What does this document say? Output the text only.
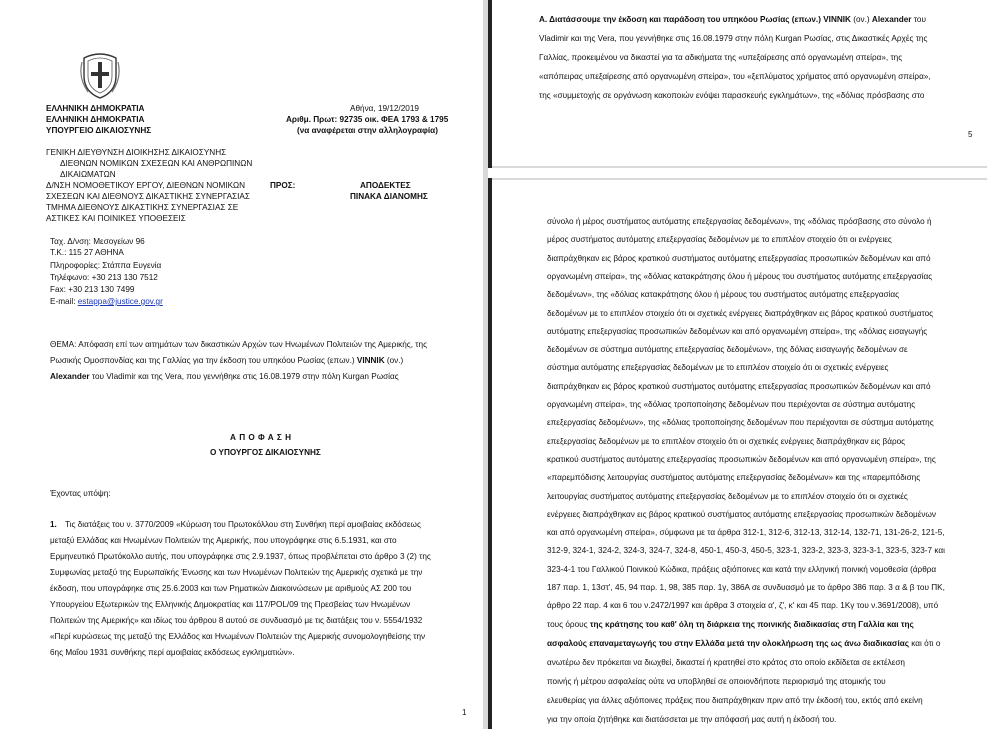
ΕΛΛΗΝΙΚΗ ΔΗΜΟΚΡΑΤΙΑ
ΕΛΛΗΝΙΚΗ ΔΗΜΟΚΡΑΤΙΑ
ΥΠΟΥΡΓΕΙΟ ΔΙΚΑΙΟΣΥΝΗΣ
Αθήνα, 19/12/2019
Αριθμ. Πρωτ: 92735 οικ. ΦΕΑ 1793 & 1795
(να αναφέρεται στην αλληλογραφία)
ΓΕΝΙΚΗ ΔΙΕΥΘΥΝΣΗ ΔΙΟΙΚΗΣΗΣ ΔΙΚΑΙΟΣΥΝΗΣ
ΔΙΕΘΝΩΝ ΝΟΜΙΚΩΝ ΣΧΕΣΕΩΝ ΚΑΙ ΑΝΘΡΩΠΙΝΩΝ
ΔΙΚΑΙΩΜΑΤΩΝ
Δ/ΝΣΗ ΝΟΜΟΘΕΤΙΚΟΥ ΕΡΓΟΥ, ΔΙΕΘΝΩΝ ΝΟΜΙΚΩΝ
ΣΧΕΣΕΩΝ ΚΑΙ ΔΙΕΘΝΟΥΣ ΔΙΚΑΣΤΙΚΗΣ ΣΥΝΕΡΓΑΣΙΑΣ
ΤΜΗΜΑ ΔΙΕΘΝΟΥΣ ΔΙΚΑΣΤΙΚΗΣ ΣΥΝΕΡΓΑΣΙΑΣ ΣΕ
ΑΣΤΙΚΕΣ ΚΑΙ ΠΟΙΝΙΚΕΣ ΥΠΟΘΕΣΕΙΣ
ΠΡΟΣ:	ΑΠΟΔΕΚΤΕΣ
ΠΙΝΑΚΑ ΔΙΑΝΟΜΗΣ
Ταχ. Δ/νση: Μεσογείων 96
Τ.Κ.: 115 27 ΑΘΗΝΑ
Πληροφορίες: Στάππα Ευγενία
Τηλέφωνο: +30 213 130 7512
Fax: +30 213 130 7499
E-mail: estappa@justice.gov.gr
ΘΕΜΑ: Απόφαση επί των αιτημάτων των δικαστικών Αρχών των Ηνωμένων Πολιτειών της Αμερικής, της
Ρωσικής Ομοσπονδίας και της Γαλλίας για την έκδοση του υπηκόου Ρωσίας (επων.) VINNIK (ον.)
Alexander του Vladimir και της Vera, που γεννήθηκε στις 16.08.1979 στην πόλη Kurgan Ρωσίας
Α Π Ο Φ Α Σ Η
Ο ΥΠΟΥΡΓΟΣ ΔΙΚΑΙΟΣΥΝΗΣ
Έχοντας υπόψη:
1. Τις διατάξεις του ν. 3770/2009 «Κύρωση του Πρωτοκόλλου στη Συνθήκη περί αμοιβαίας εκδόσεως
μεταξύ Ελλάδας και Ηνωμένων Πολιτειών της Αμερικής, που υπογράφηκε στις 6.5.1931, και στο
Ερμηνευτικό Πρωτόκολλο αυτής, που υπογράφηκε στις 2.9.1937, όπως προβλέπεται στο άρθρο 3 (2) της
Συμφωνίας μεταξύ της Ευρωπαϊκής Ένωσης και των Ηνωμένων Πολιτειών της Αμερικής σχετικά με την
έκδοση, που υπογράφηκε στις 25.6.2003 και των Ρηματικών Διακοινώσεων με αριθμούς ΑΣ 200 του
Υπουργείου Εξωτερικών της Ελληνικής Δημοκρατίας και 117/POL/09 της Πρεσβείας των Ηνωμένων
Πολιτειών της Αμερικής» και ιδίως του άρθρου 8 αυτού σε συνδυασμό με τις διατάξεις του ν. 5554/1932
«Περί κυρώσεως της μεταξύ της Ελλάδος και Ηνωμένων Πολιτειών της Αμερικής συνομολογηθείσης την
6ης Μαΐου 1931 συνθήκης περί αμοιβαίας εκδόσεως εγκληματιών».
1
Α. Διατάσσουμε την έκδοση και παράδοση του υπηκόου Ρωσίας (επων.) VINNIK (ον.) Alexander του
Vladimir και της Vera, που γεννήθηκε στις 16.08.1979 στην πόλη Kurgan Ρωσίας, στις Δικαστικές Αρχές της
Γαλλίας, προκειμένου να δικαστεί για τα αδικήματα της «υπεξαίρεσης από οργανωμένη σπείρα», της
«απόπειρας υπεξαίρεσης από οργανωμένη σπείρα», του «ξεπλύματος χρήματος από οργανωμένη σπείρα»,
της «συμμετοχής σε οργάνωση κακοποιών ενόψει παρασκευής εγκλημάτων», της «δόλιας πρόσβασης στο
5
σύνολο ή μέρος συστήματος αυτόματης επεξεργασίας δεδομένων», της «δόλιας πρόσβασης στο σύνολο ή
μέρος συστήματος αυτόματης επεξεργασίας δεδομένων με το επιπλέον στοιχείο ότι οι ενέργειες
διαπράχθηκαν εις βάρος κρατικού συστήματος αυτόματης επεξεργασίας προσωπικών δεδομένων και από
οργανωμένη σπείρα», της «δόλιας κατακράτησης όλου ή μέρους του συστήματος αυτόματης επεξεργασίας
δεδομένων», της «δόλιας κατακράτησης όλου ή μέρους του συστήματος αυτόματης επεξεργασίας
δεδομένων με το επιπλέον στοιχείο ότι οι σχετικές ενέργειες διαπράχθηκαν εις βάρος κρατικού συστήματος
αυτόματης επεξεργασίας προσωπικών δεδομένων και από οργανωμένη σπείρα», της «δόλιας εισαγωγής
δεδομένων σε σύστημα αυτόματης επεξεργασίας δεδομένων», της δόλιας εισαγωγής δεδομένων σε
σύστημα αυτόματης επεξεργασίας δεδομένων με το επιπλέον στοιχείο ότι οι σχετικές ενέργειες
διαπράχθηκαν εις βάρος κρατικού συστήματος αυτόματης επεξεργασίας προσωπικών δεδομένων και από
οργανωμένη σπείρα», της «δόλιας τροποποίησης δεδομένων που περιέχονται σε σύστημα αυτόματης
επεξεργασίας δεδομένων», της «δόλιας τροποποίησης δεδομένων που περιέχονται σε σύστημα αυτόματης
επεξεργασίας δεδομένων με το επιπλέον στοιχείο ότι οι σχετικές ενέργειες διαπράχθηκαν εις βάρος
κρατικού συστήματος αυτόματης επεξεργασίας προσωπικών δεδομένων και από οργανωμένη σπείρα», της
«παρεμπόδισης λειτουργίας συστήματος αυτόματης επεξεργασίας δεδομένων» και της «παρεμπόδισης
λειτουργίας συστήματος αυτόματης επεξεργασίας δεδομένων με το επιπλέον στοιχείο ότι οι σχετικές
ενέργειες διαπράχθηκαν εις βάρος κρατικού συστήματος αυτόματης επεξεργασίας προσωπικών δεδομένων
και από οργανωμένη σπείρα», σύμφωνα με τα άρθρα 312-1, 312-6, 312-13, 312-14, 132-71, 131-26-2, 121-5,
312-9, 324-1, 324-2, 324-3, 324-7, 324-8, 450-1, 450-3, 450-5, 323-1, 323-2, 323-3, 323-3-1, 323-5, 323-7 και
323-4-1 του Γαλλικού Ποινικού Κώδικα, πράξεις αξιόποινες και κατά την ελληνική ποινική νομοθεσία (άρθρα
187 παρ. 1, 13στ', 45, 94 παρ. 1, 98, 385 παρ. 1γ, 386Α σε συνδυασμό με το άρθρο 386 παρ. 3 α & β του ΠΚ,
άρθρο 22 παρ. 4 και 6 του ν.2472/1997 και άρθρα 3 στοιχεία α', ζ', κ' και 45 παρ. 1Κγ του ν.3691/2008), υπό
τους όρους της κράτησης του καθ' όλη τη διάρκεια της ποινικής διαδικασίας στη Γαλλία και της
ασφαλούς επαναμεταγωγής του στην Ελλάδα μετά την ολοκλήρωση της ως άνω διαδικασίας και ότι ο
ανωτέρω δεν πρόκειται να διωχθεί, δικαστεί ή κρατηθεί στο κράτος στο οποίο εκδίδεται σε εκτέλεση
ποινής ή μέτρου ασφαλείας ούτε να υποβληθεί σε οποιονδήποτε περιορισμό της ατομικής του
ελευθερίας για άλλες αξιόποινες πράξεις που διαπράχθηκαν πριν από την έκδοσή του, εκτός από εκείνη
για την οποία ζητήθηκε και διατάσσεται με την απόφασή μας αυτή η έκδοσή του.
